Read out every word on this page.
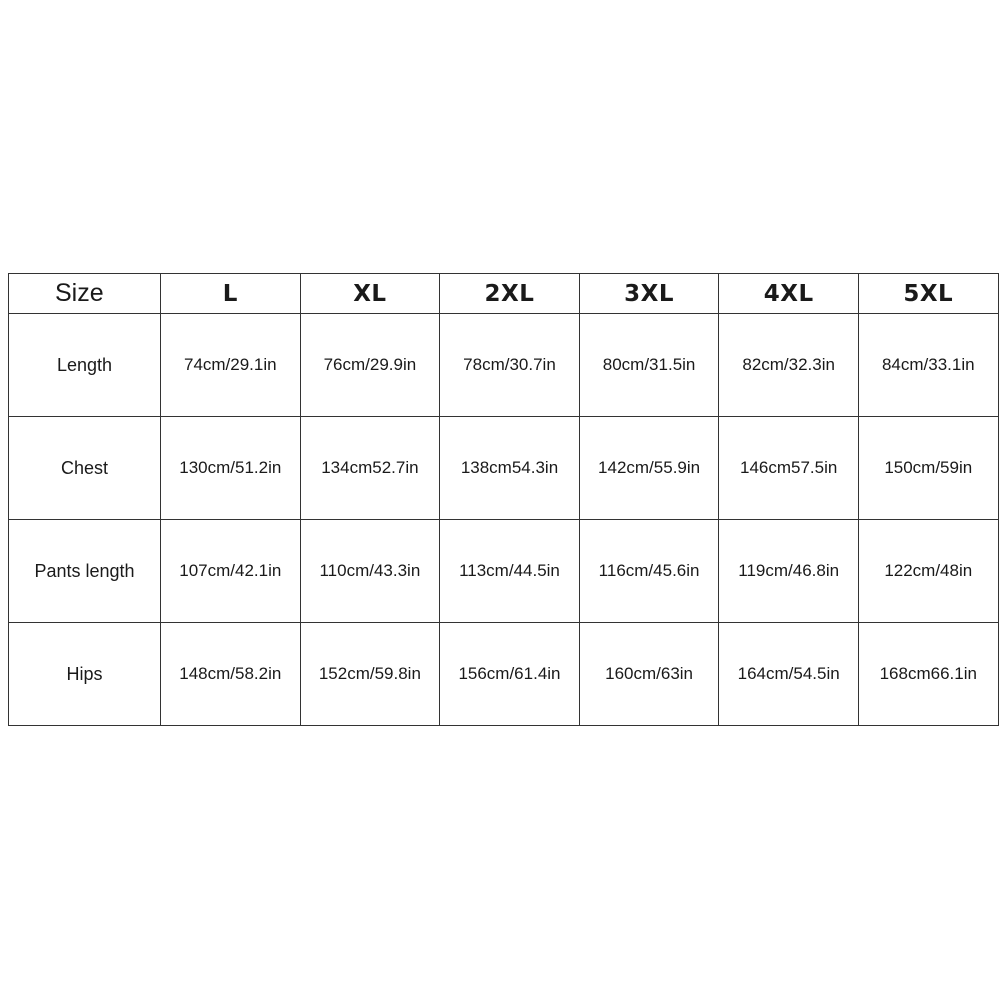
Size	L	XL	2XL	3XL	4XL	5XL
Length	74cm/29.1in	76cm/29.9in	78cm/30.7in	80cm/31.5in	82cm/32.3in	84cm/33.1in
Chest	130cm/51.2in	134cm52.7in	138cm54.3in	142cm/55.9in	146cm57.5in	150cm/59in
Pants length	107cm/42.1in	110cm/43.3in	113cm/44.5in	116cm/45.6in	119cm/46.8in	122cm/48in
Hips	148cm/58.2in	152cm/59.8in	156cm/61.4in	160cm/63in	164cm/54.5in	168cm66.1in
